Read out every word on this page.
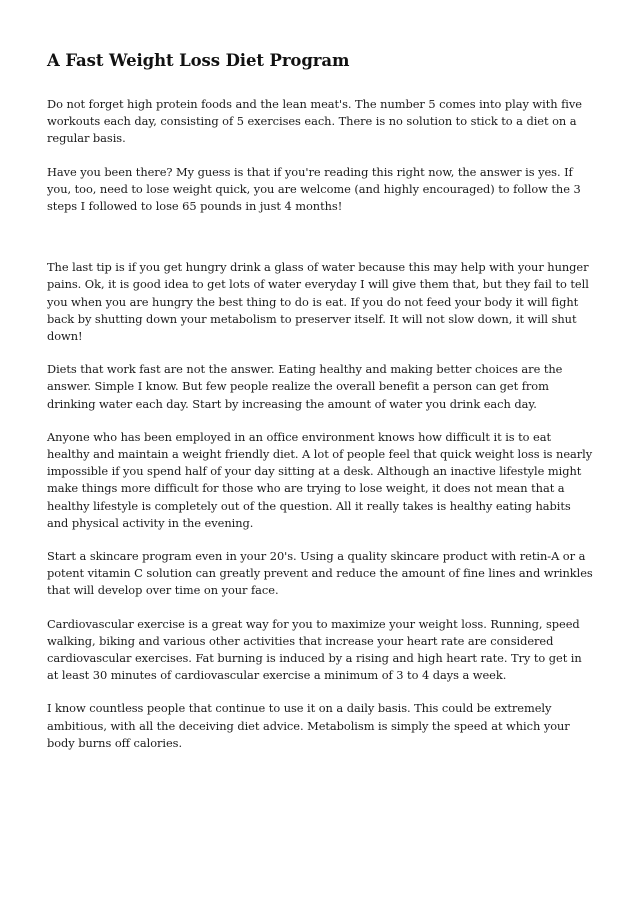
A Fast Weight Loss Diet Program

Do not forget high protein foods and the lean meat's. The number 5 comes into play with five workouts each day, consisting of 5 exercises each. There is no solution to stick to a diet on a regular basis.

Have you been there? My guess is that if you're reading this right now, the answer is yes. If you, too, need to lose weight quick, you are welcome (and highly encouraged) to follow the 3 steps I followed to lose 65 pounds in just 4 months!

The last tip is if you get hungry drink a glass of water because this may help with your hunger pains. Ok, it is good idea to get lots of water everyday I will give them that, but they fail to tell you when you are hungry the best thing to do is eat. If you do not feed your body it will fight back by shutting down your metabolism to preserver itself. It will not slow down, it will shut down!

Diets that work fast are not the answer. Eating healthy and making better choices are the answer. Simple I know. But few people realize the overall benefit a person can get from drinking water each day. Start by increasing the amount of water you drink each day.

Anyone who has been employed in an office environment knows how difficult it is to eat healthy and maintain a weight friendly diet. A lot of people feel that quick weight loss is nearly impossible if you spend half of your day sitting at a desk. Although an inactive lifestyle might make things more difficult for those who are trying to lose weight, it does not mean that a healthy lifestyle is completely out of the question. All it really takes is healthy eating habits and physical activity in the evening.

Start a skincare program even in your 20's. Using a quality skincare product with retin-A or a potent vitamin C solution can greatly prevent and reduce the amount of fine lines and wrinkles that will develop over time on your face.

Cardiovascular exercise is a great way for you to maximize your weight loss. Running, speed walking, biking and various other activities that increase your heart rate are considered cardiovascular exercises. Fat burning is induced by a rising and high heart rate. Try to get in at least 30 minutes of cardiovascular exercise a minimum of 3 to 4 days a week.

I know countless people that continue to use it on a daily basis. This could be extremely ambitious, with all the deceiving diet advice. Metabolism is simply the speed at which your body burns off calories.
